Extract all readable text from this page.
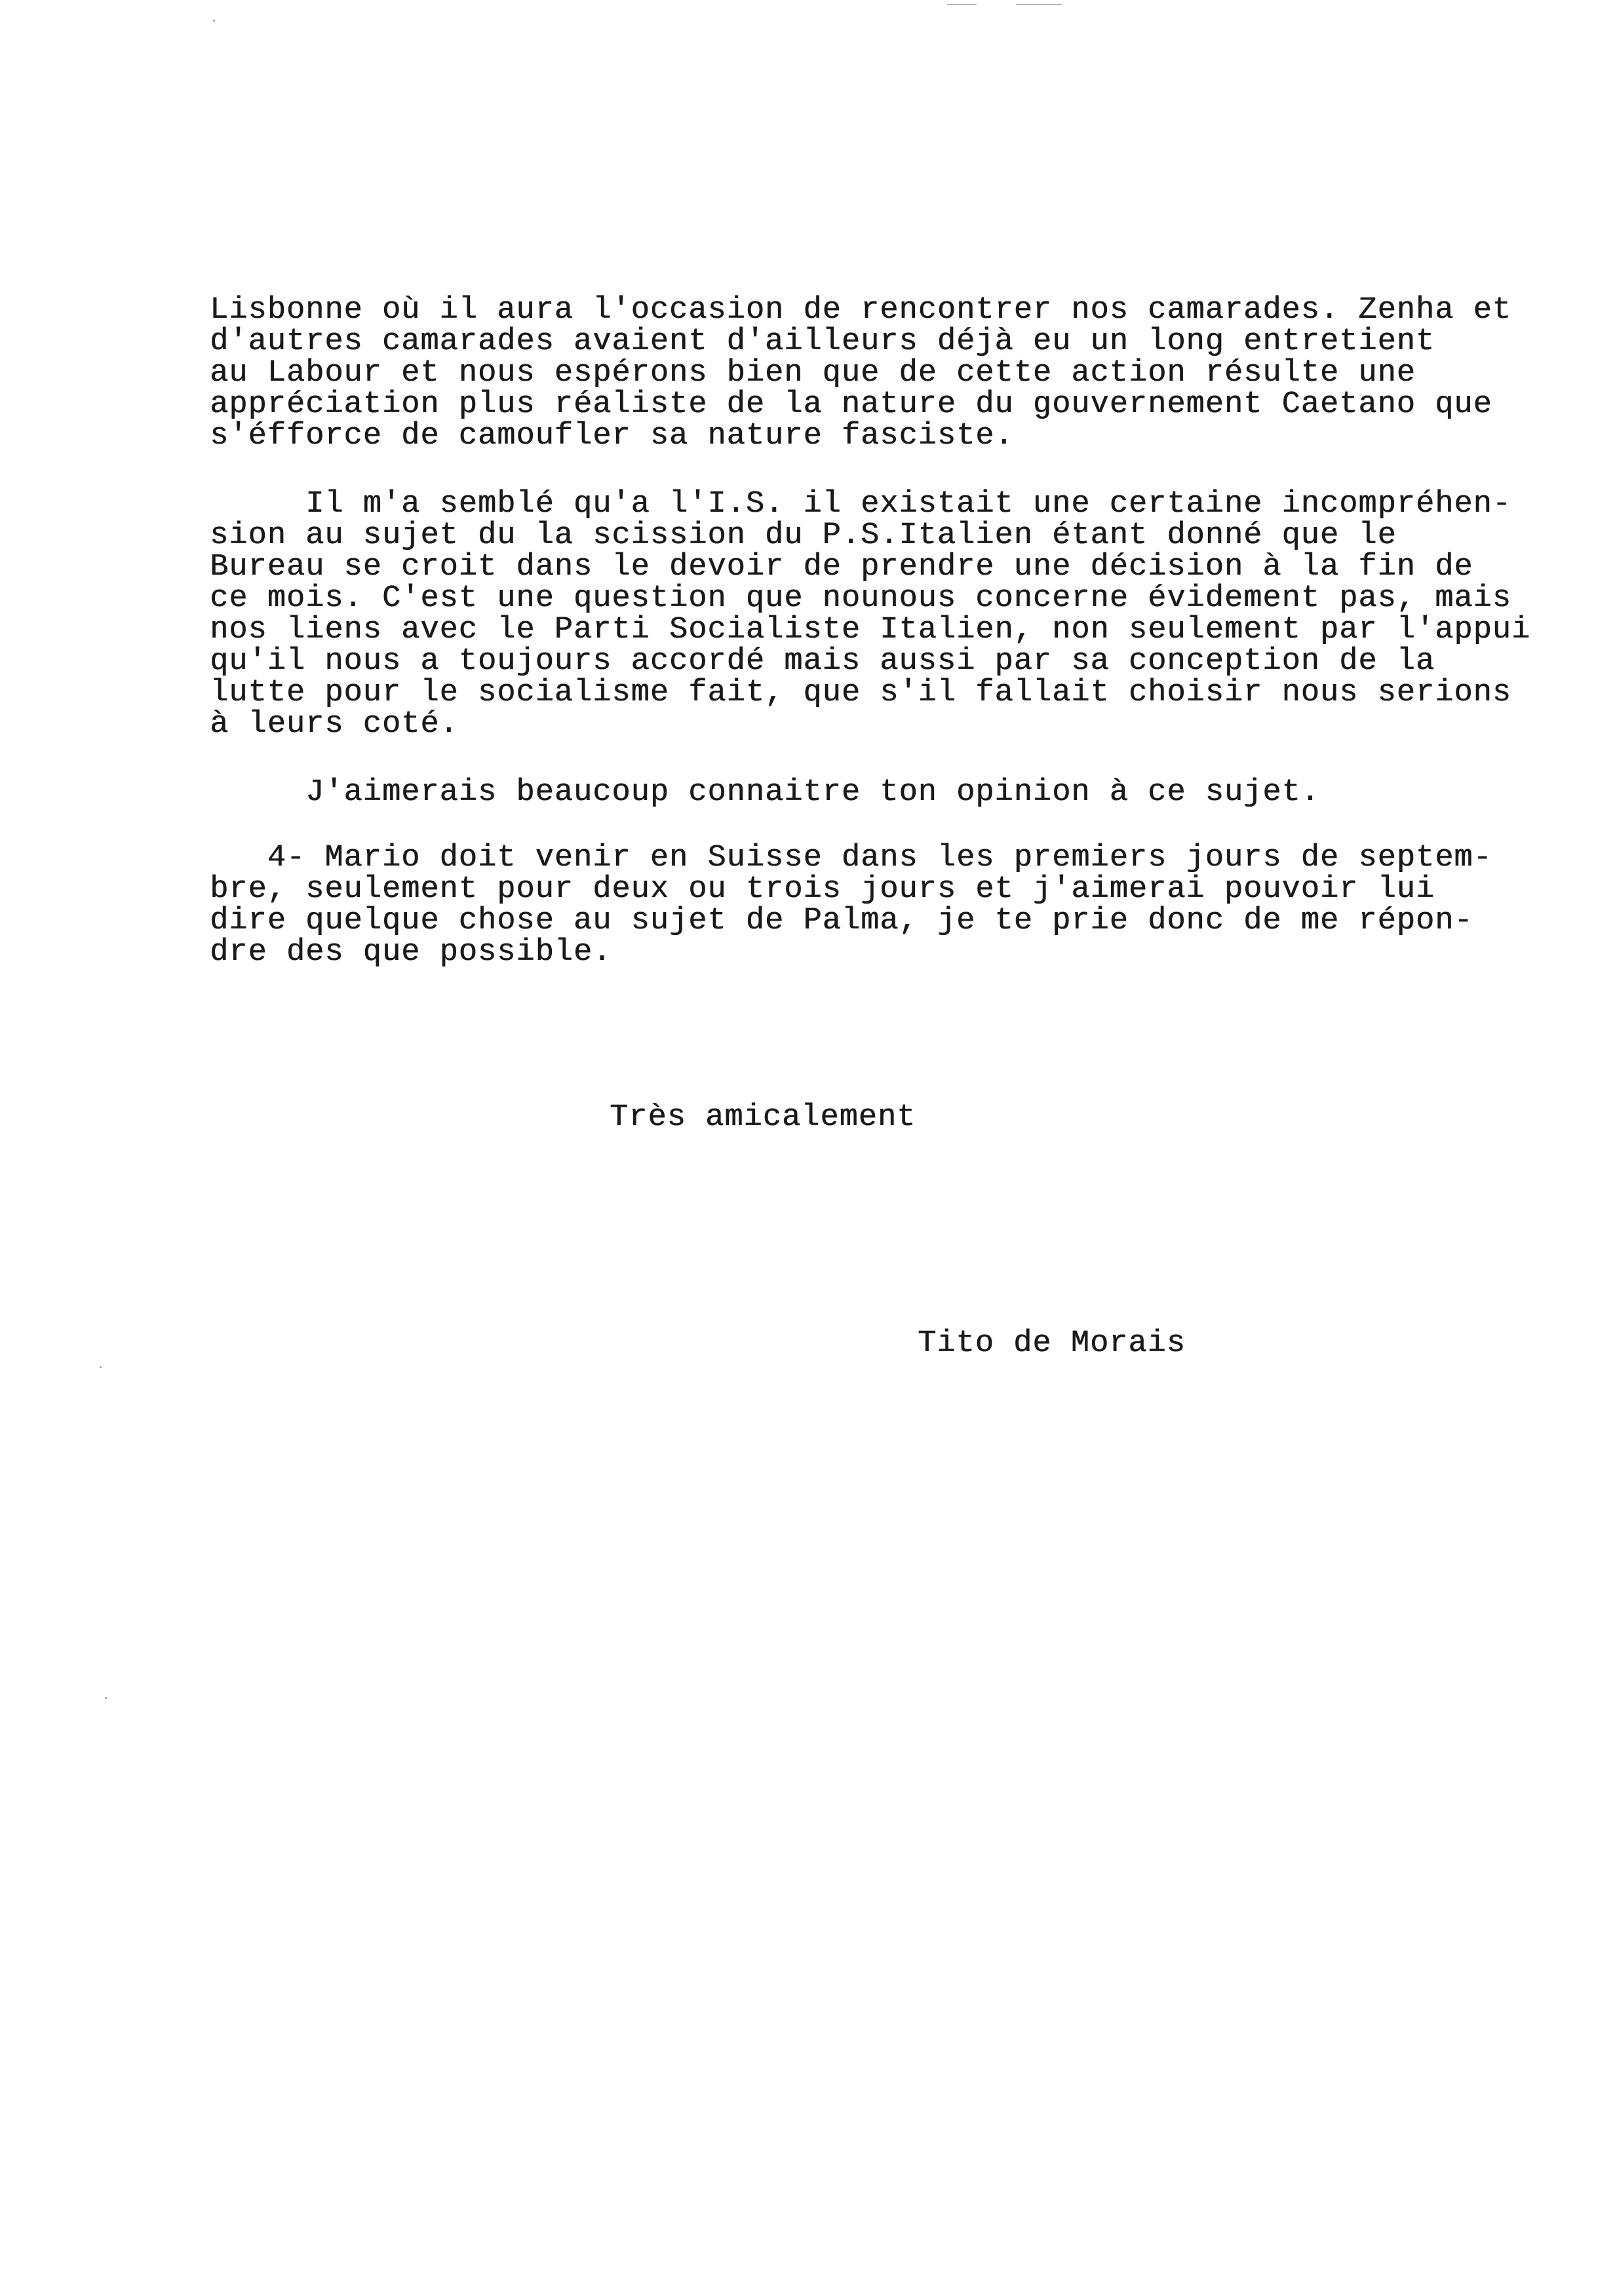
Lisbonne où il aura l'occasion de rencontrer nos camarades. Zenha et
d'autres camarades avaient d'ailleurs déjà eu un long entretient
au Labour et nous espérons bien que de cette action résulte une
appréciation plus réaliste de la nature du gouvernement Caetano que
s'éfforce de camoufler sa nature fasciste.
Il m'a semblé qu'a l'I.S. il existait une certaine incompréhen-
sion au sujet du la scission du P.S.Italien étant donné que le
Bureau se croit dans le devoir de prendre une décision à la fin de
ce mois. C'est une question que nounous concerne évidement pas, mais
nos liens avec le Parti Socialiste Italien, non seulement par l'appui
qu'il nous a toujours accordé mais aussi par sa conception de la
lutte pour le socialisme fait, que s'il fallait choisir nous serions
à leurs coté.
J'aimerais beaucoup connaitre ton opinion à ce sujet.
4- Mario doit venir en Suisse dans les premiers jours de septem-
bre, seulement pour deux ou trois jours et j'aimerai pouvoir lui
dire quelque chose au sujet de Palma, je te prie donc de me répon-
dre des que possible.
Très amicalement
Tito de Morais
